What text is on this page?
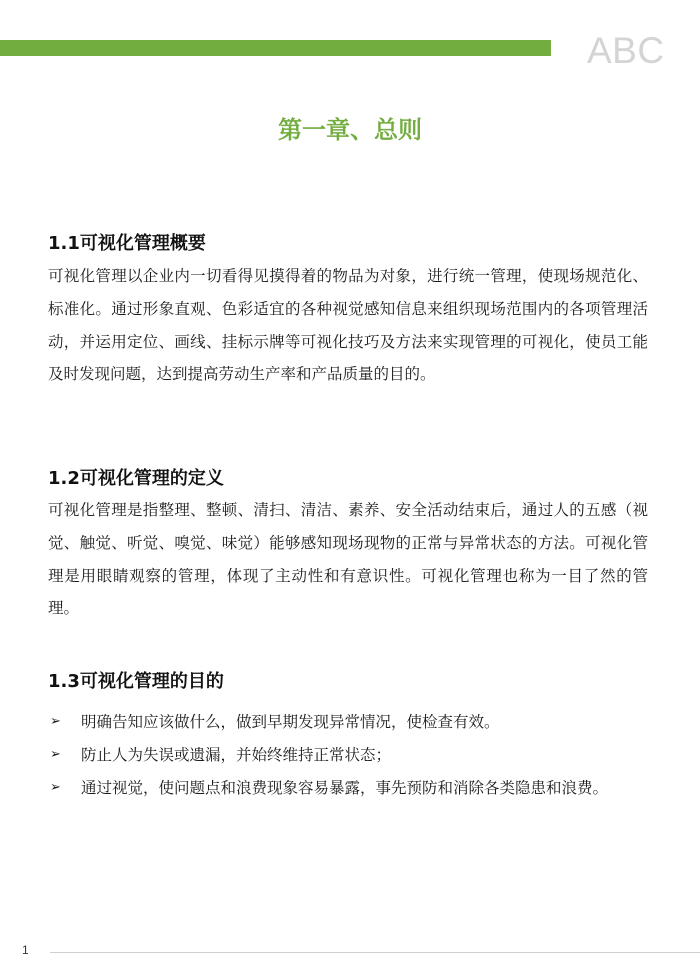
ABC
第一章、总则
1.1可视化管理概要

可视化管理以企业内一切看得见摸得着的物品为对象，进行统一管理，使现场规范化、标准化。通过形象直观、色彩适宜的各种视觉感知信息来组织现场范围内的各项管理活动，并运用定位、画线、挂标示牌等可视化技巧及方法来实现管理的可视化，使员工能及时发现问题，达到提高劳动生产率和产品质量的目的。

1.2可视化管理的定义

可视化管理是指整理、整顿、清扫、清洁、素养、安全活动结束后，通过人的五感（视觉、触觉、听觉、嗅觉、味觉）能够感知现场现物的正常与异常状态的方法。可视化管理是用眼睛观察的管理，体现了主动性和有意识性。可视化管理也称为一目了然的管理。

1.3可视化管理的目的
➢ 明确告知应该做什么，做到早期发现异常情况，使检查有效。
➢ 防止人为失误或遗漏，并始终维持正常状态；
➢ 通过视觉，使问题点和浪费现象容易暴露，事先预防和消除各类隐患和浪费。
1
